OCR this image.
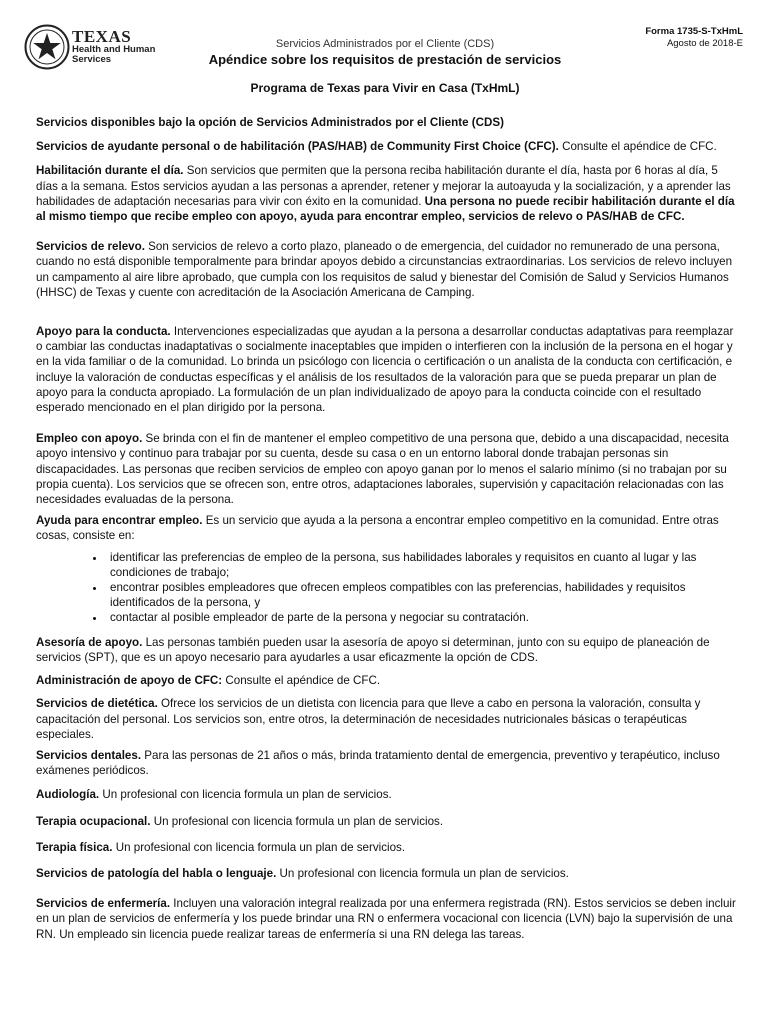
TEXAS
Health and Human
Services
Forma 1735-S-TxHmL
Agosto de 2018-E
Servicios Administrados por el Cliente (CDS)
Apéndice sobre los requisitos de prestación de servicios
Programa de Texas para Vivir en Casa (TxHmL)

Servicios disponibles bajo la opción de Servicios Administrados por el Cliente (CDS)

Servicios de ayudante personal o de habilitación (PAS/HAB) de Community First Choice (CFC). Consulte el apéndice de CFC.

Habilitación durante el día. Son servicios que permiten que la persona reciba habilitación durante el día, hasta por 6 horas al día, 5 días a la semana. Estos servicios ayudan a las personas a aprender, retener y mejorar la autoayuda y la socialización, y a aprender las habilidades de adaptación necesarias para vivir con éxito en la comunidad. Una persona no puede recibir habilitación durante el día al mismo tiempo que recibe empleo con apoyo, ayuda para encontrar empleo, servicios de relevo o PAS/HAB de CFC.

Servicios de relevo. Son servicios de relevo a corto plazo, planeado o de emergencia, del cuidador no remunerado de una persona, cuando no está disponible temporalmente para brindar apoyos debido a circunstancias extraordinarias. Los servicios de relevo incluyen un campamento al aire libre aprobado, que cumpla con los requisitos de salud y bienestar del Comisión de Salud y Servicios Humanos (HHSC) de Texas y cuente con acreditación de la Asociación Americana de Camping.

Apoyo para la conducta. Intervenciones especializadas que ayudan a la persona a desarrollar conductas adaptativas para reemplazar o cambiar las conductas inadaptativas o socialmente inaceptables que impiden o interfieren con la inclusión de la persona en el hogar y en la vida familiar o de la comunidad. Lo brinda un psicólogo con licencia o certificación o un analista de la conducta con certificación, e incluye la valoración de conductas específicas y el análisis de los resultados de la valoración para que se pueda preparar un plan de apoyo para la conducta apropiado. La formulación de un plan individualizado de apoyo para la conducta coincide con el resultado esperado mencionado en el plan dirigido por la persona.

Empleo con apoyo. Se brinda con el fin de mantener el empleo competitivo de una persona que, debido a una discapacidad, necesita apoyo intensivo y continuo para trabajar por su cuenta, desde su casa o en un entorno laboral donde trabajan personas sin discapacidades. Las personas que reciben servicios de empleo con apoyo ganan por lo menos el salario mínimo (si no trabajan por su propia cuenta). Los servicios que se ofrecen son, entre otros, adaptaciones laborales, supervisión y capacitación relacionadas con las necesidades evaluadas de la persona.

Ayuda para encontrar empleo. Es un servicio que ayuda a la persona a encontrar empleo competitivo en la comunidad. Entre otras cosas, consiste en:

• identificar las preferencias de empleo de la persona, sus habilidades laborales y requisitos en cuanto al lugar y las condiciones de trabajo;
• encontrar posibles empleadores que ofrecen empleos compatibles con las preferencias, habilidades y requisitos identificados de la persona, y
• contactar al posible empleador de parte de la persona y negociar su contratación.

Asesoría de apoyo. Las personas también pueden usar la asesoría de apoyo si determinan, junto con su equipo de planeación de servicios (SPT), que es un apoyo necesario para ayudarles a usar eficazmente la opción de CDS.

Administración de apoyo de CFC: Consulte el apéndice de CFC.

Servicios de dietética. Ofrece los servicios de un dietista con licencia para que lleve a cabo en persona la valoración, consulta y capacitación del personal. Los servicios son, entre otros, la determinación de necesidades nutricionales básicas o terapéuticas especiales.

Servicios dentales. Para las personas de 21 años o más, brinda tratamiento dental de emergencia, preventivo y terapéutico, incluso exámenes periódicos.

Audiología. Un profesional con licencia formula un plan de servicios.

Terapia ocupacional. Un profesional con licencia formula un plan de servicios.

Terapia física. Un profesional con licencia formula un plan de servicios.

Servicios de patología del habla o lenguaje. Un profesional con licencia formula un plan de servicios.

Servicios de enfermería. Incluyen una valoración integral realizada por una enfermera registrada (RN). Estos servicios se deben incluir en un plan de servicios de enfermería y los puede brindar una RN o enfermera vocacional con licencia (LVN) bajo la supervisión de una RN. Un empleado sin licencia puede realizar tareas de enfermería si una RN delega las tareas.
